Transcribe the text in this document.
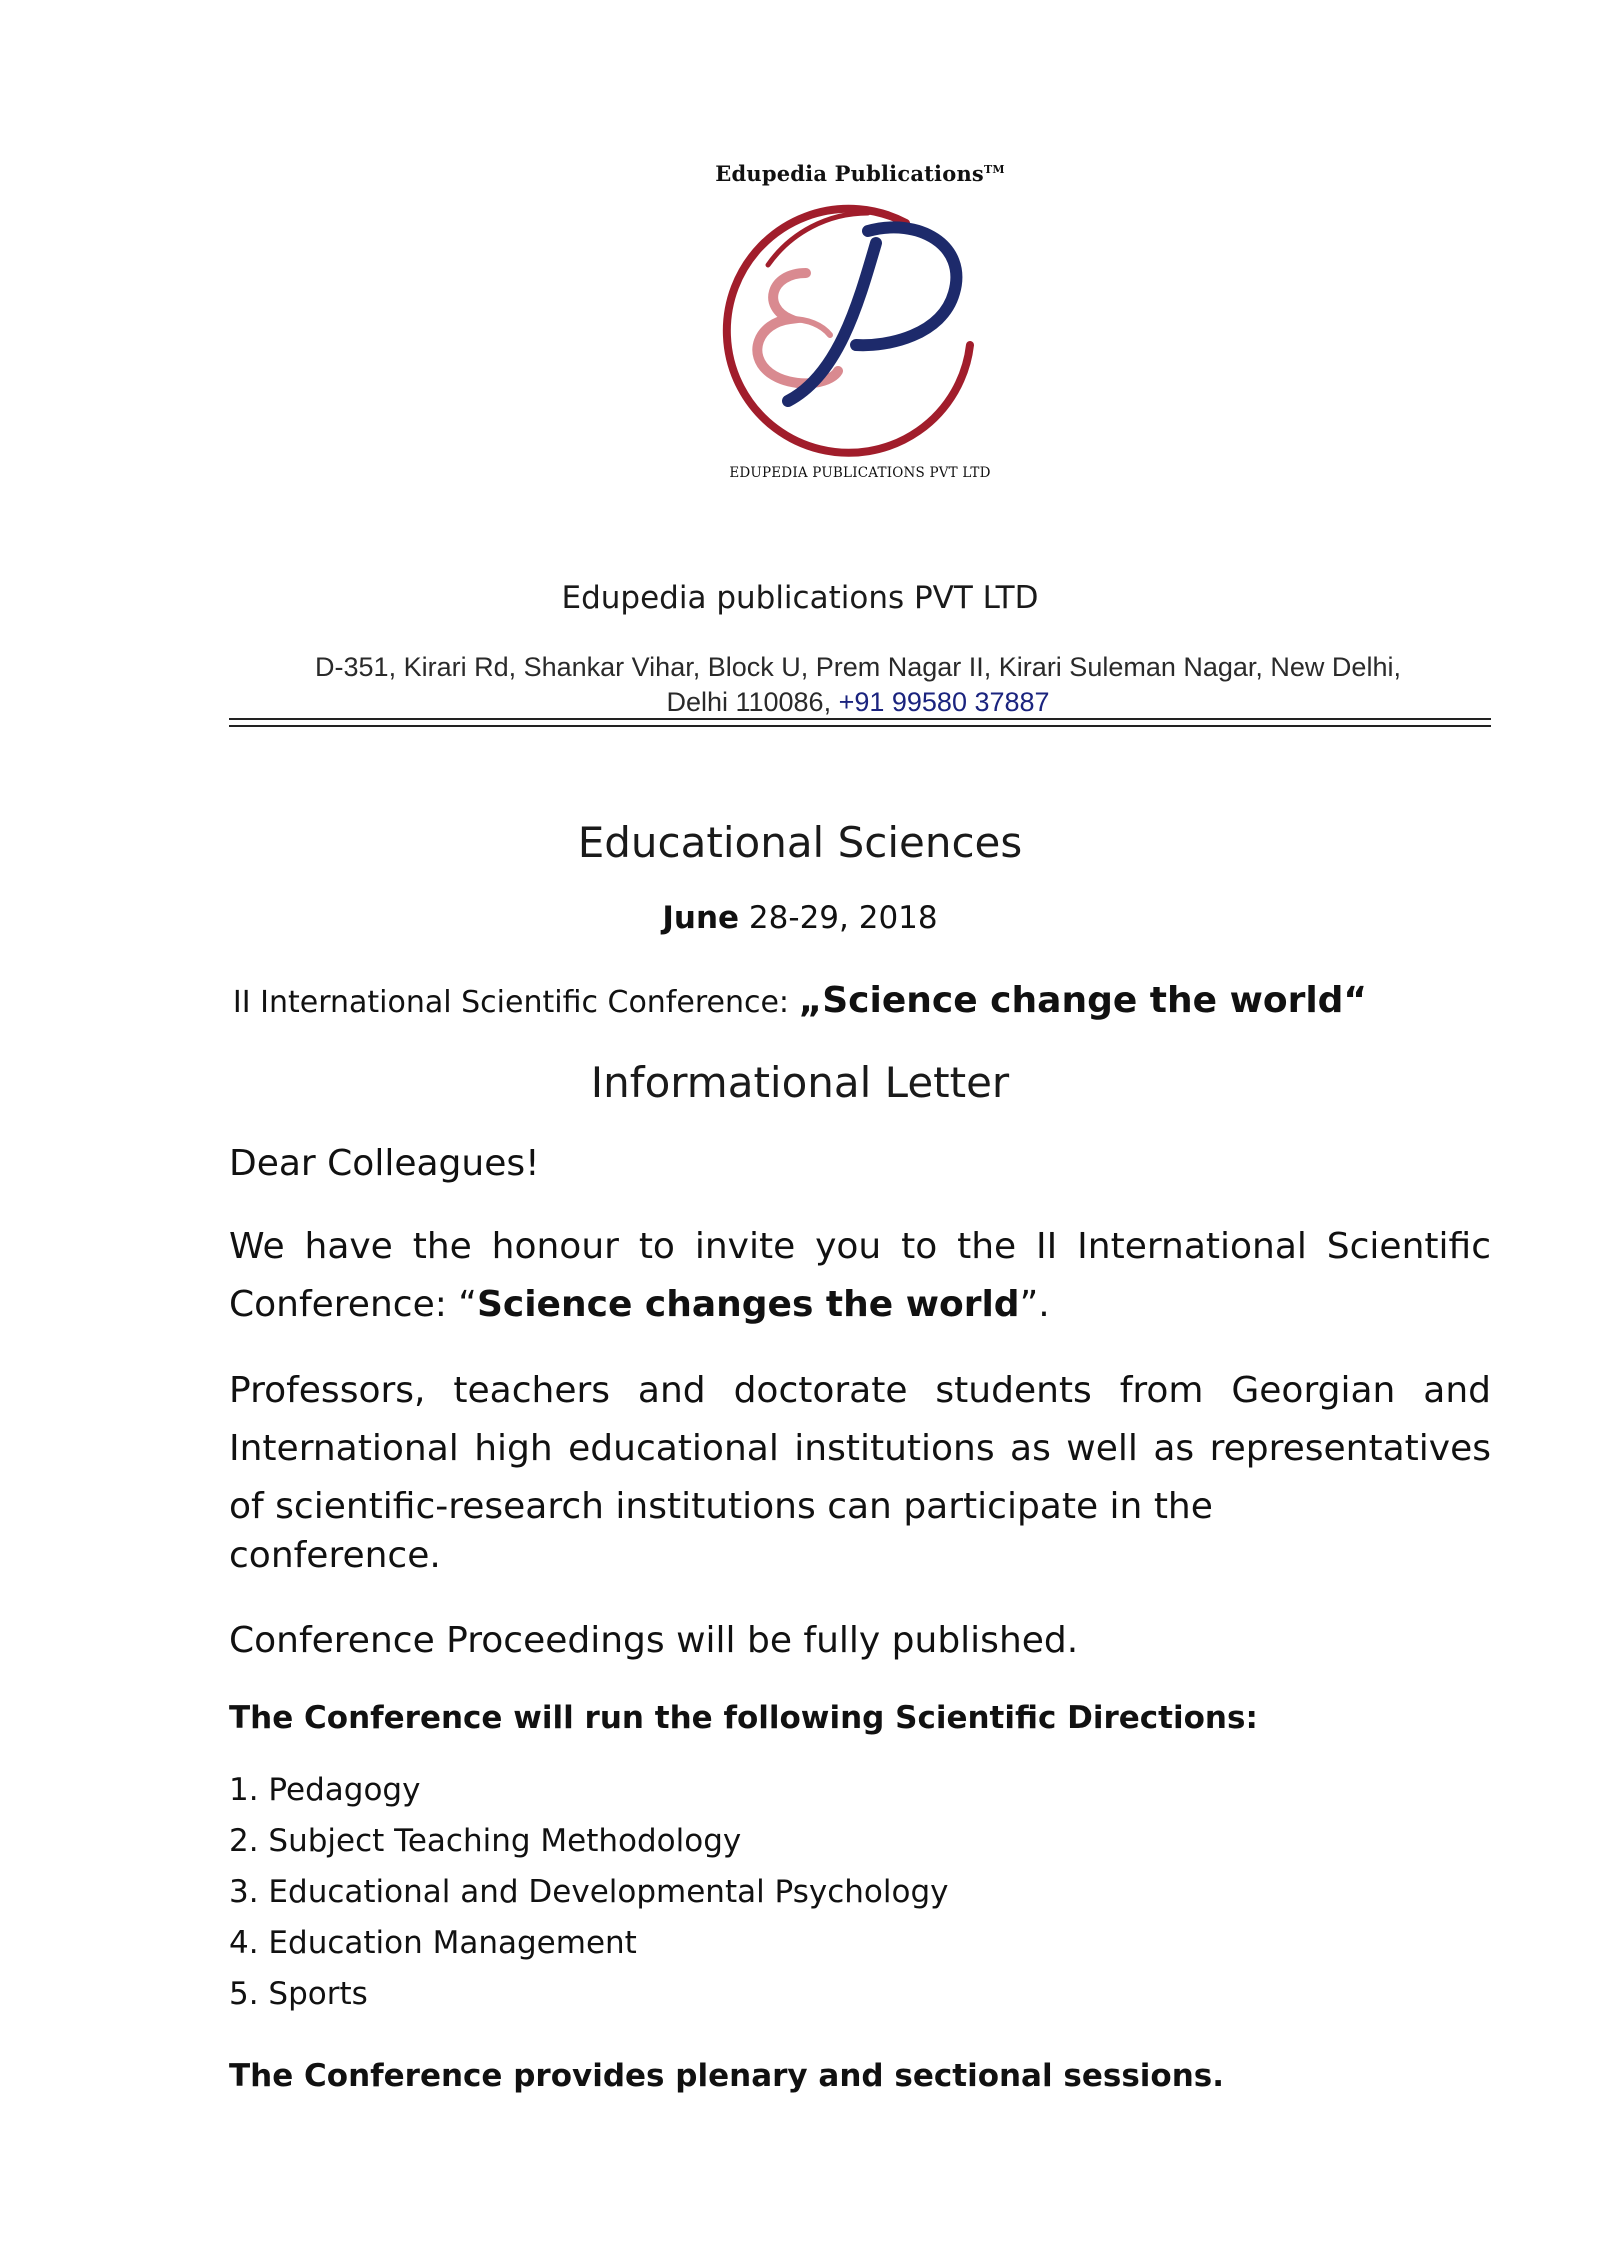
Edupedia Publications™
EDUPEDIA PUBLICATIONS PVT LTD
Edupedia publications PVT LTD
D-351, Kirari Rd, Shankar Vihar, Block U, Prem Nagar II, Kirari Suleman Nagar, New Delhi,
Delhi 110086, +91 99580 37887
Educational Sciences
June 28-29, 2018
II International Scientific Conference: „Science change the world“
Informational Letter
Dear Colleagues!
We have the honour to invite you to the II International Scientific Conference: “Science changes the world”.
Professors, teachers and doctorate students from Georgian and International high educational institutions as well as representatives of scientific-research institutions can participate in the
conference.
Conference Proceedings will be fully published.
The Conference will run the following Scientific Directions:
1. Pedagogy
2. Subject Teaching Methodology
3. Educational and Developmental Psychology
4. Education Management
5. Sports
The Conference provides plenary and sectional sessions.
